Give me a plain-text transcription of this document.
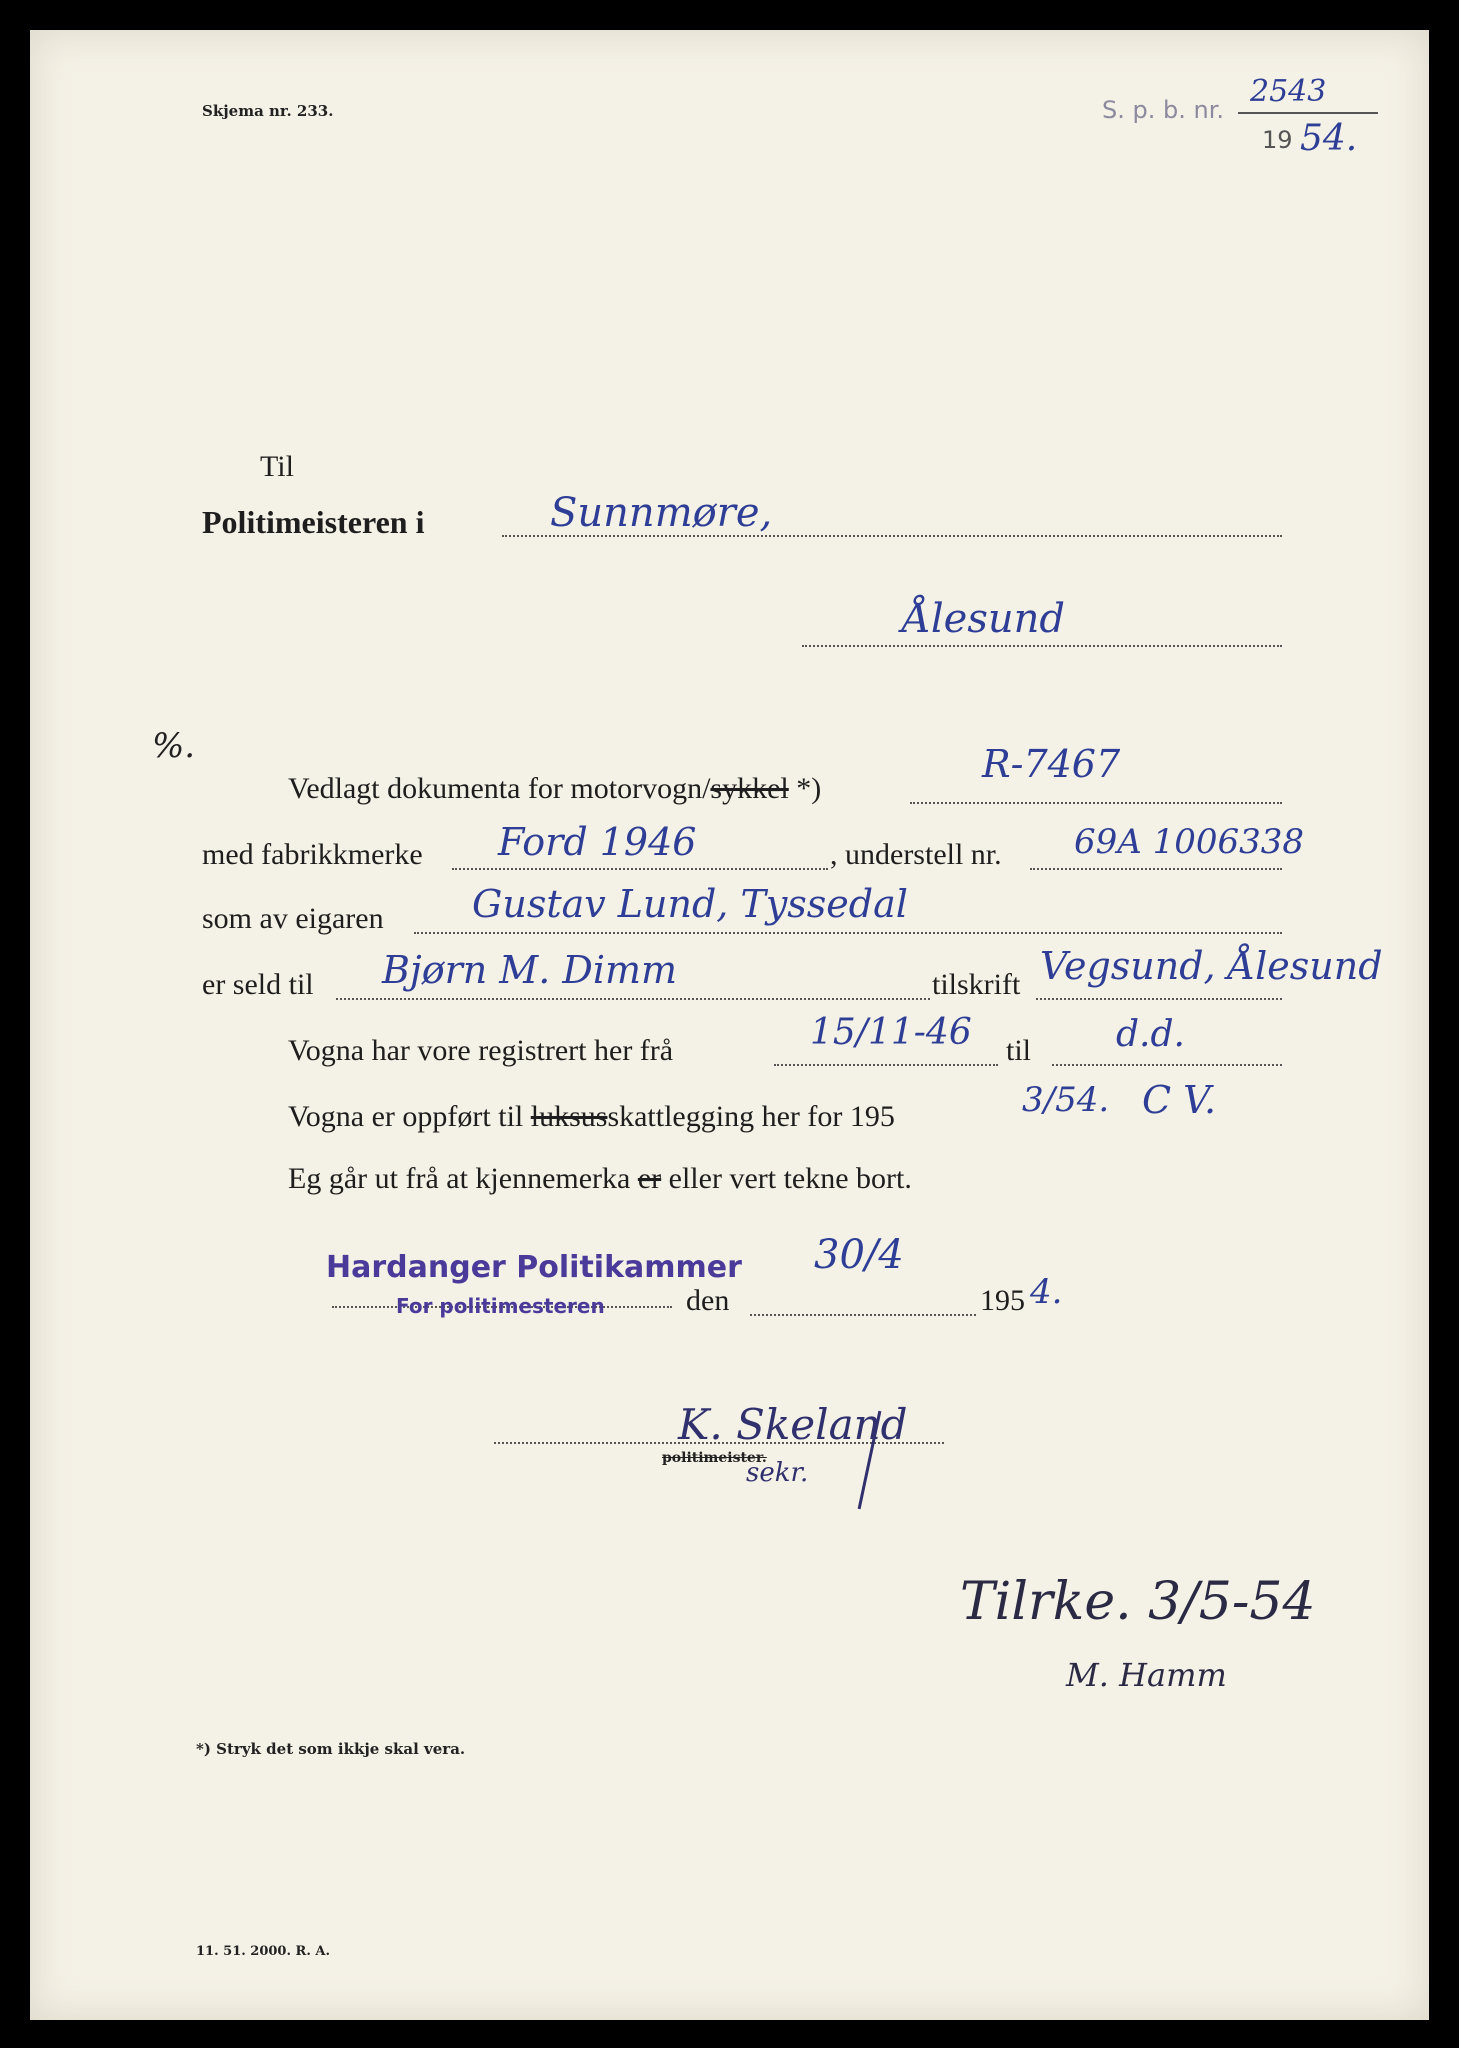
Skjema nr. 233.	S. p. b. nr.
2543
19 54.
Til
Politimeisteren i	Sunnmøre,
Ålesund
%.
Vedlagt dokumenta for motorvogn/sykkel *)
R-7467
med fabrikkmerke Ford 1946	, understell nr. 69A 1006338
som av eigaren Gustav Lund, Tyssedal
er seld til Bjørn M. Dimm	tilskrift Vegsund, Ålesund
Vogna har vore registrert her frå	15/11-46 til d.d.
Vogna er oppført til luksusskattlegging her for 195	3/54. C V.
Eg går ut frå at kjennemerka er eller vert tekne bort.
Hardanger Politikammer
For politimesteren	den
30/4
195 4.
K. Skeland
politimeister.
sekr.
Tilrke. 3/5-54
M. Hamm
*) Stryk det som ikkje skal vera.
11. 51. 2000. R. A.
